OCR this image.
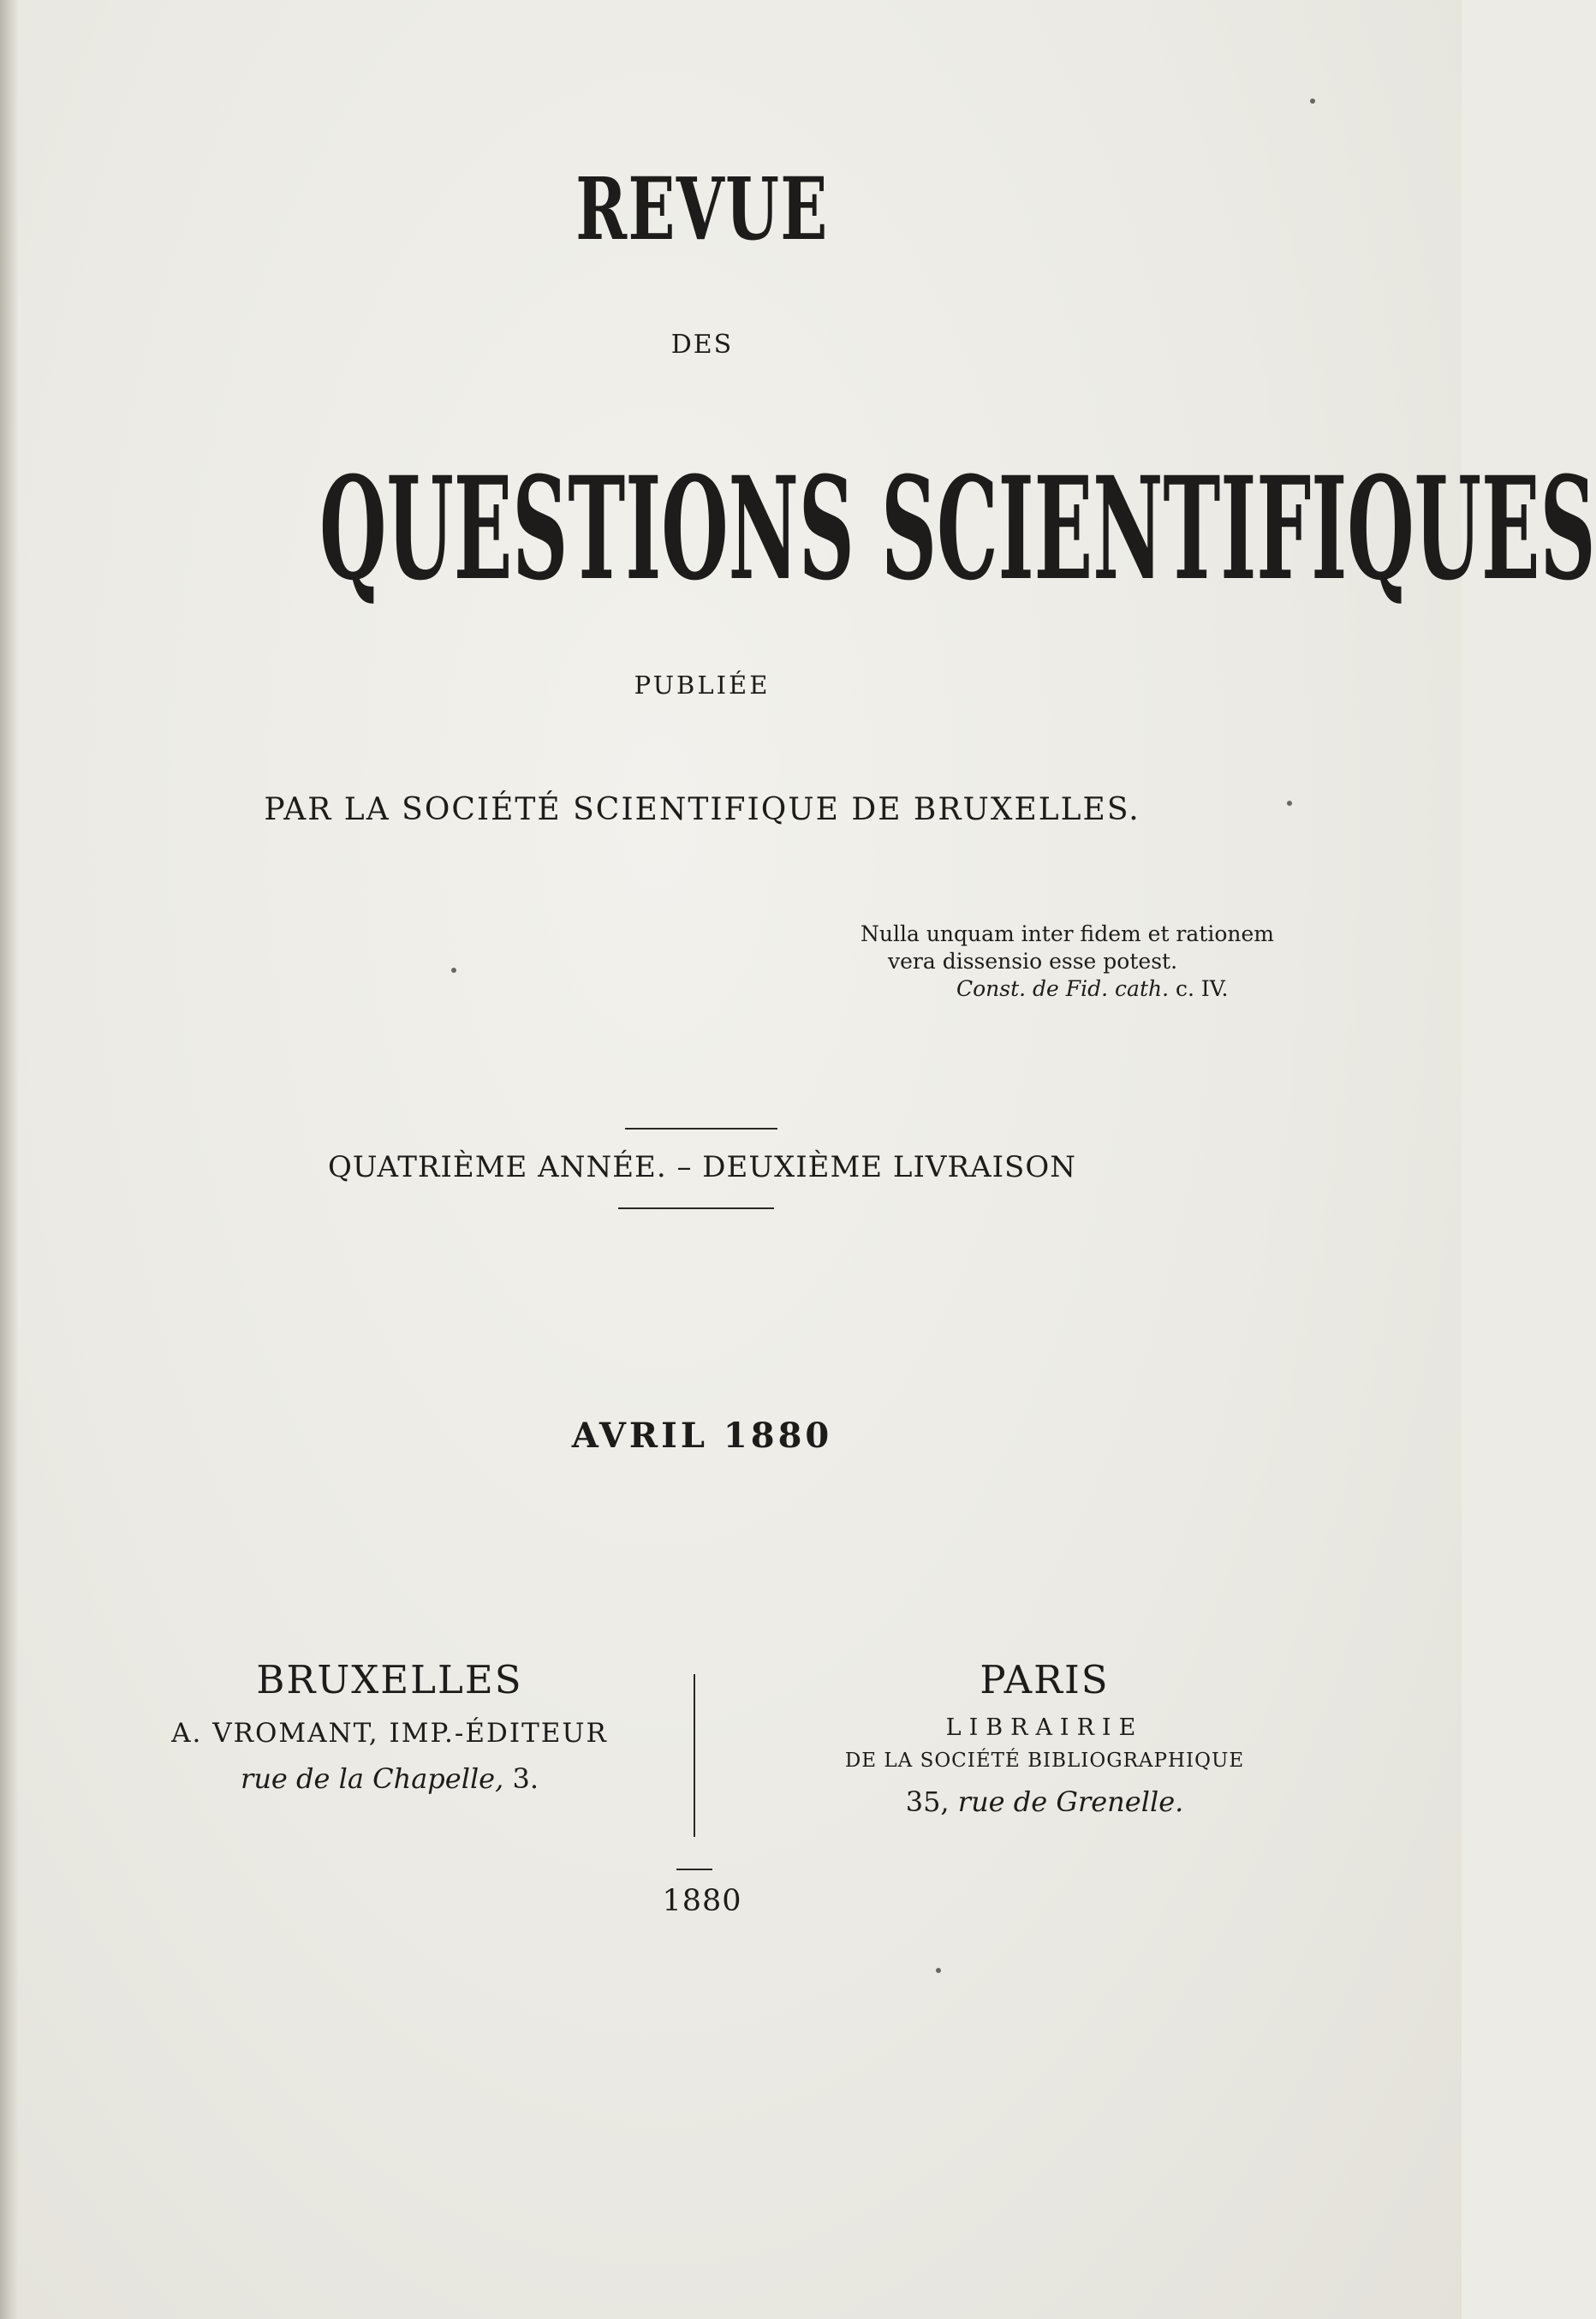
REVUE
DES
QUESTIONS SCIENTIFIQUES
PUBLIÉE
PAR LA SOCIÉTÉ SCIENTIFIQUE DE BRUXELLES.
Nulla unquam inter fidem et rationem
vera dissensio esse potest.
Const. de Fid. cath. c. IV.
QUATRIÈME ANNÉE. – DEUXIÈME LIVRAISON
AVRIL 1880
BRUXELLES
A. VROMANT, IMP.-ÉDITEUR
rue de la Chapelle, 3.
PARIS
LIBRAIRIE
DE LA SOCIÉTÉ BIBLIOGRAPHIQUE
35, rue de Grenelle.
1880
